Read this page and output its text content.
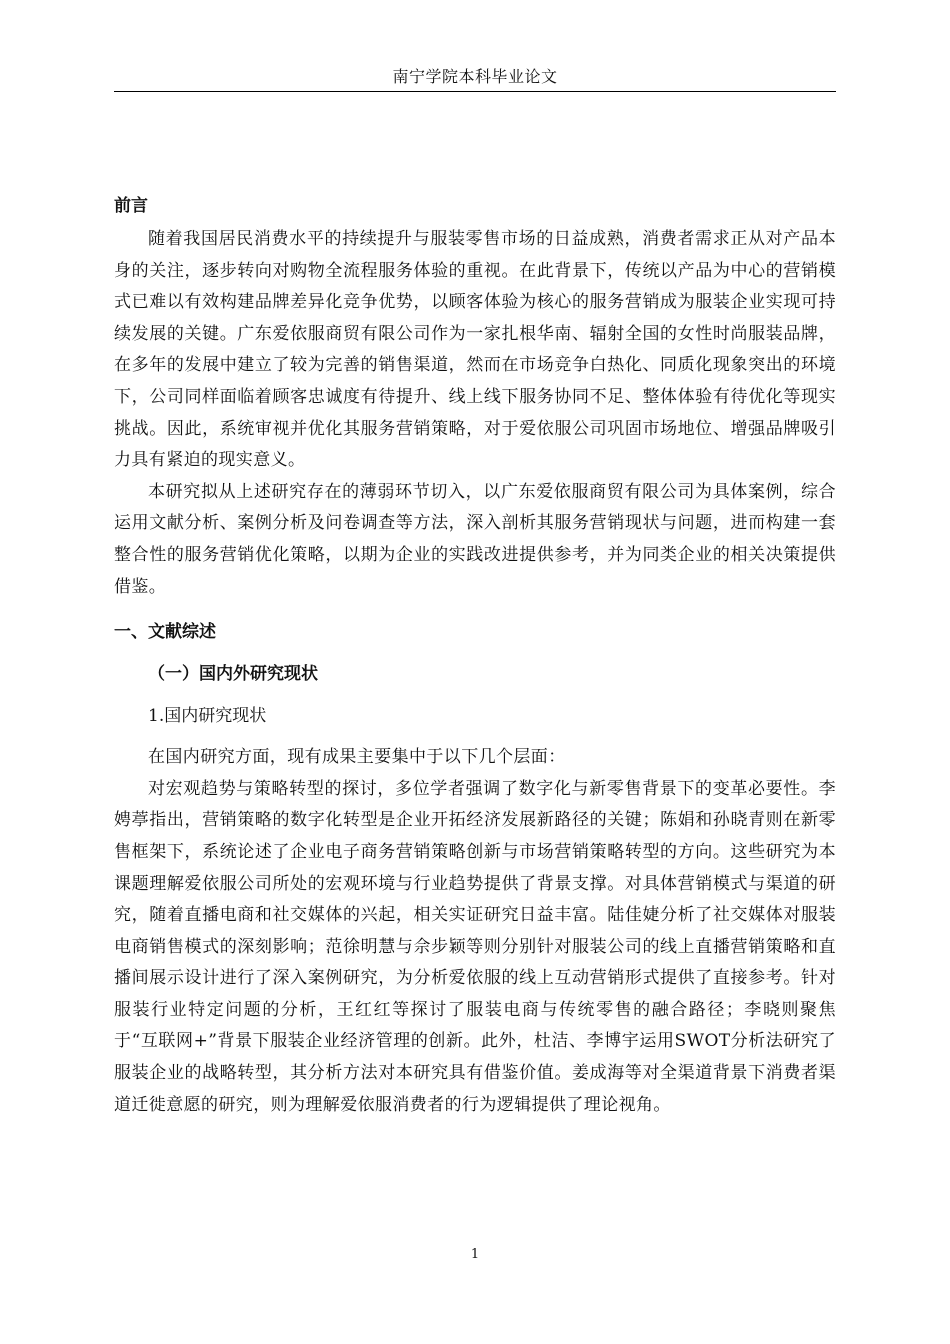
南宁学院本科毕业论文
前言

随着我国居民消费水平的持续提升与服装零售市场的日益成熟，消费者需求正从对产品本身的关注，逐步转向对购物全流程服务体验的重视。在此背景下，传统以产品为中心的营销模式已难以有效构建品牌差异化竞争优势，以顾客体验为核心的服务营销成为服装企业实现可持续发展的关键。广东爱依服商贸有限公司作为一家扎根华南、辐射全国的女性时尚服装品牌，在多年的发展中建立了较为完善的销售渠道，然而在市场竞争白热化、同质化现象突出的环境下，公司同样面临着顾客忠诚度有待提升、线上线下服务协同不足、整体体验有待优化等现实挑战。因此，系统审视并优化其服务营销策略，对于爱依服公司巩固市场地位、增强品牌吸引力具有紧迫的现实意义。

本研究拟从上述研究存在的薄弱环节切入，以广东爱依服商贸有限公司为具体案例，综合运用文献分析、案例分析及问卷调查等方法，深入剖析其服务营销现状与问题，进而构建一套整合性的服务营销优化策略，以期为企业的实践改进提供参考，并为同类企业的相关决策提供借鉴。

一、文献综述
（一）国内外研究现状
1.国内研究现状

在国内研究方面，现有成果主要集中于以下几个层面：

对宏观趋势与策略转型的探讨，多位学者强调了数字化与新零售背景下的变革必要性。李娉葶指出，营销策略的数字化转型是企业开拓经济发展新路径的关键；陈娟和孙晓青则在新零售框架下，系统论述了企业电子商务营销策略创新与市场营销策略转型的方向。这些研究为本课题理解爱依服公司所处的宏观环境与行业趋势提供了背景支撑。对具体营销模式与渠道的研究，随着直播电商和社交媒体的兴起，相关实证研究日益丰富。陆佳婕分析了社交媒体对服装电商销售模式的深刻影响；范徐明慧与佘步颖等则分别针对服装公司的线上直播营销策略和直播间展示设计进行了深入案例研究，为分析爱依服的线上互动营销形式提供了直接参考。针对服装行业特定问题的分析，王红红等探讨了服装电商与传统零售的融合路径；李晓则聚焦于“互联网+”背景下服装企业经济管理的创新。此外，杜洁、李博宇运用SWOT分析法研究了服装企业的战略转型，其分析方法对本研究具有借鉴价值。姜成海等对全渠道背景下消费者渠道迁徙意愿的研究，则为理解爱依服消费者的行为逻辑提供了理论视角。

1
